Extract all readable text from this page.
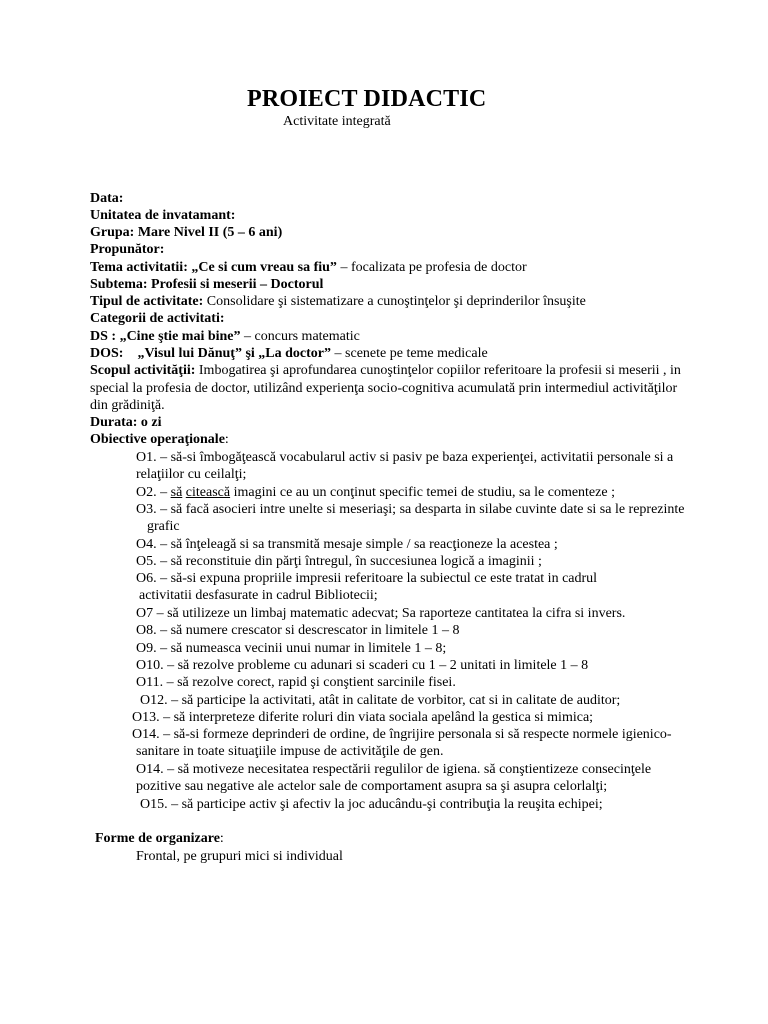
PROIECT DIDACTIC
Activitate integrată
Data:
Unitatea de invatamant:
Grupa: Mare Nivel II (5 – 6 ani)
Propunător:
Tema activitatii: „Ce si cum vreau sa fiu” – focalizata pe profesia de doctor
Subtema: Profesii si meserii – Doctorul
Tipul de activitate: Consolidare şi sistematizare a cunoştinţelor şi deprinderilor însuşite
Categorii de activitati:
DS : „Cine ştie mai bine” – concurs matematic
DOS:    „Visul lui Dănuţ” şi „La doctor” – scenete pe teme medicale
Scopul activităţii: Imbogatirea şi aprofundarea cunoştinţelor copiilor referitoare la profesii si meserii , in
special la profesia de doctor, utilizând experienţa socio-cognitiva acumulată prin intermediul activităţilor
din grădiniţă.
Durata: o zi
Obiective operaţionale:
O1. – să-si îmbogăţească vocabularul activ si pasiv pe baza experienţei, activitatii personale si a
relaţiilor cu ceilalţi;
O2. – să citească imagini ce au un conţinut specific temei de studiu, sa le comenteze ;
O3. – să facă asocieri intre unelte si meseriaşi; sa desparta in silabe cuvinte date si sa le reprezinte
grafic
O4. – să înţeleagă si sa transmită mesaje simple / sa reacţioneze la acestea ;
O5. – să reconstituie din părţi întregul, în succesiunea logică a imaginii ;
O6. – să-si expuna propriile impresii referitoare la subiectul ce este tratat in cadrul
activitatii desfasurate in cadrul Bibliotecii;
O7 – să utilizeze un limbaj matematic adecvat; Sa raporteze cantitatea la cifra si invers.
O8. – să numere crescator si descrescator in limitele 1 – 8
O9. – să numeasca vecinii unui numar in limitele 1 – 8;
O10. – să rezolve probleme cu adunari si scaderi cu 1 – 2 unitati in limitele 1 – 8
O11. – să rezolve corect, rapid şi conştient sarcinile fisei.
O12. – să participe la activitati, atât in calitate de vorbitor, cat si in calitate de auditor;
O13. – să interpreteze diferite roluri din viata sociala apelând la gestica si mimica;
O14. – să-si formeze deprinderi de ordine, de îngrijire personala si să respecte normele igienico-
sanitare in toate situaţiile impuse de activităţile de gen.
O14. – să motiveze necesitatea respectării regulilor de igiena. să conştientizeze consecinţele
pozitive sau negative ale actelor sale de comportament asupra sa şi asupra celorlalţi;
O15. – să participe activ şi afectiv la joc aducându-şi contribuţia la reuşita echipei;
Forme de organizare:
Frontal, pe grupuri mici si individual
